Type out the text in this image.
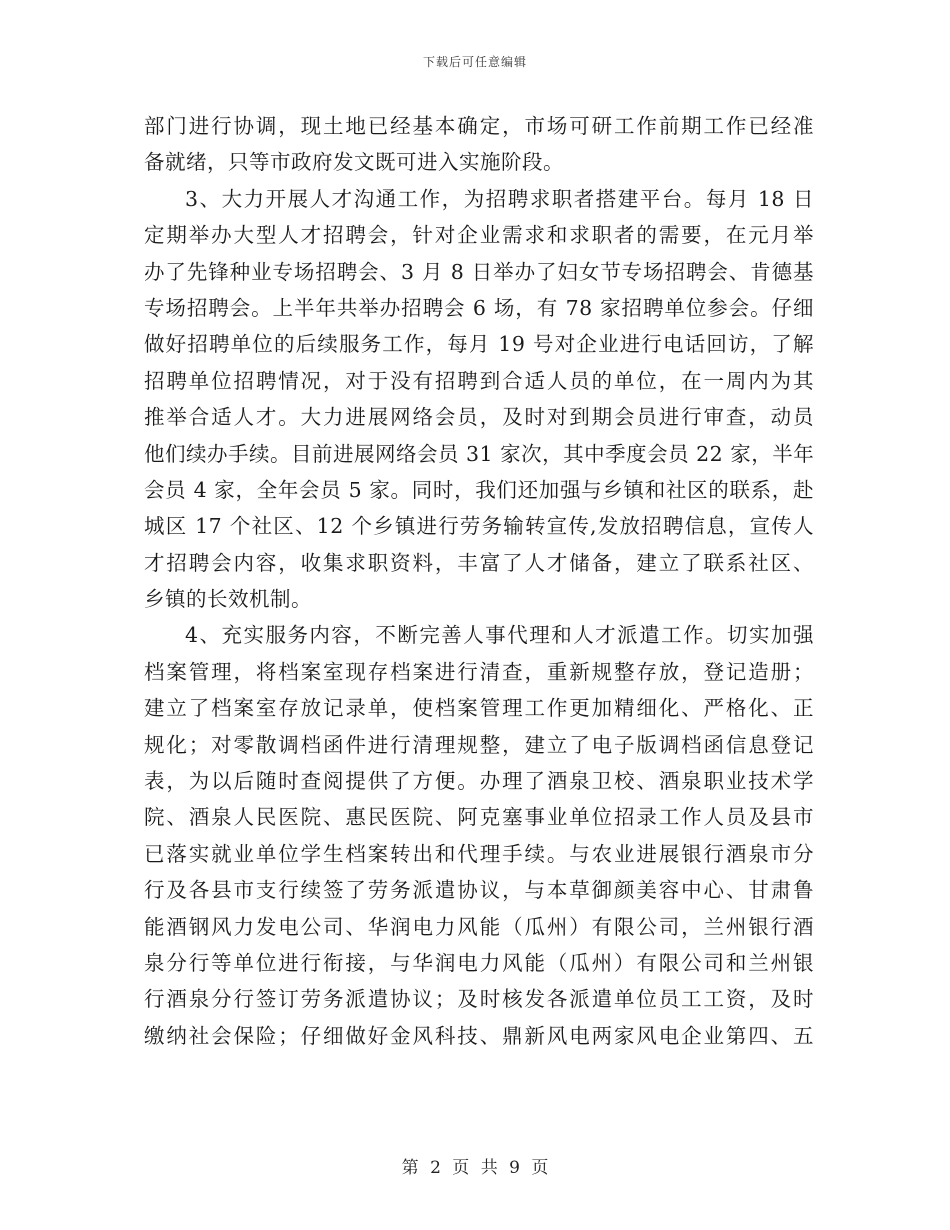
下载后可任意编辑
部门进行协调，现土地已经基本确定，市场可研工作前期工作已经准
备就绪，只等市政府发文既可进入实施阶段。
3、大力开展人才沟通工作，为招聘求职者搭建平台。每月 18 日
定期举办大型人才招聘会，针对企业需求和求职者的需要，在元月举
办了先锋种业专场招聘会、3 月 8 日举办了妇女节专场招聘会、肯德基
专场招聘会。上半年共举办招聘会 6 场，有 78 家招聘单位参会。仔细
做好招聘单位的后续服务工作，每月 19 号对企业进行电话回访，了解
招聘单位招聘情况，对于没有招聘到合适人员的单位，在一周内为其
推举合适人才。大力进展网络会员，及时对到期会员进行审查，动员
他们续办手续。目前进展网络会员 31 家次，其中季度会员 22 家，半年
会员 4 家，全年会员 5 家。同时，我们还加强与乡镇和社区的联系，赴
城区 17 个社区、12 个乡镇进行劳务输转宣传,发放招聘信息，宣传人
才招聘会内容，收集求职资料，丰富了人才储备，建立了联系社区、
乡镇的长效机制。
4、充实服务内容，不断完善人事代理和人才派遣工作。切实加强
档案管理，将档案室现存档案进行清查，重新规整存放，登记造册；
建立了档案室存放记录单，使档案管理工作更加精细化、严格化、正
规化；对零散调档函件进行清理规整，建立了电子版调档函信息登记
表，为以后随时查阅提供了方便。办理了酒泉卫校、酒泉职业技术学
院、酒泉人民医院、惠民医院、阿克塞事业单位招录工作人员及县市
已落实就业单位学生档案转出和代理手续。与农业进展银行酒泉市分
行及各县市支行续签了劳务派遣协议，与本草御颜美容中心、甘肃鲁
能酒钢风力发电公司、华润电力风能（瓜州）有限公司，兰州银行酒
泉分行等单位进行衔接，与华润电力风能（瓜州）有限公司和兰州银
行酒泉分行签订劳务派遣协议；及时核发各派遣单位员工工资，及时
缴纳社会保险；仔细做好金风科技、鼎新风电两家风电企业第四、五
第 2 页 共 9 页
